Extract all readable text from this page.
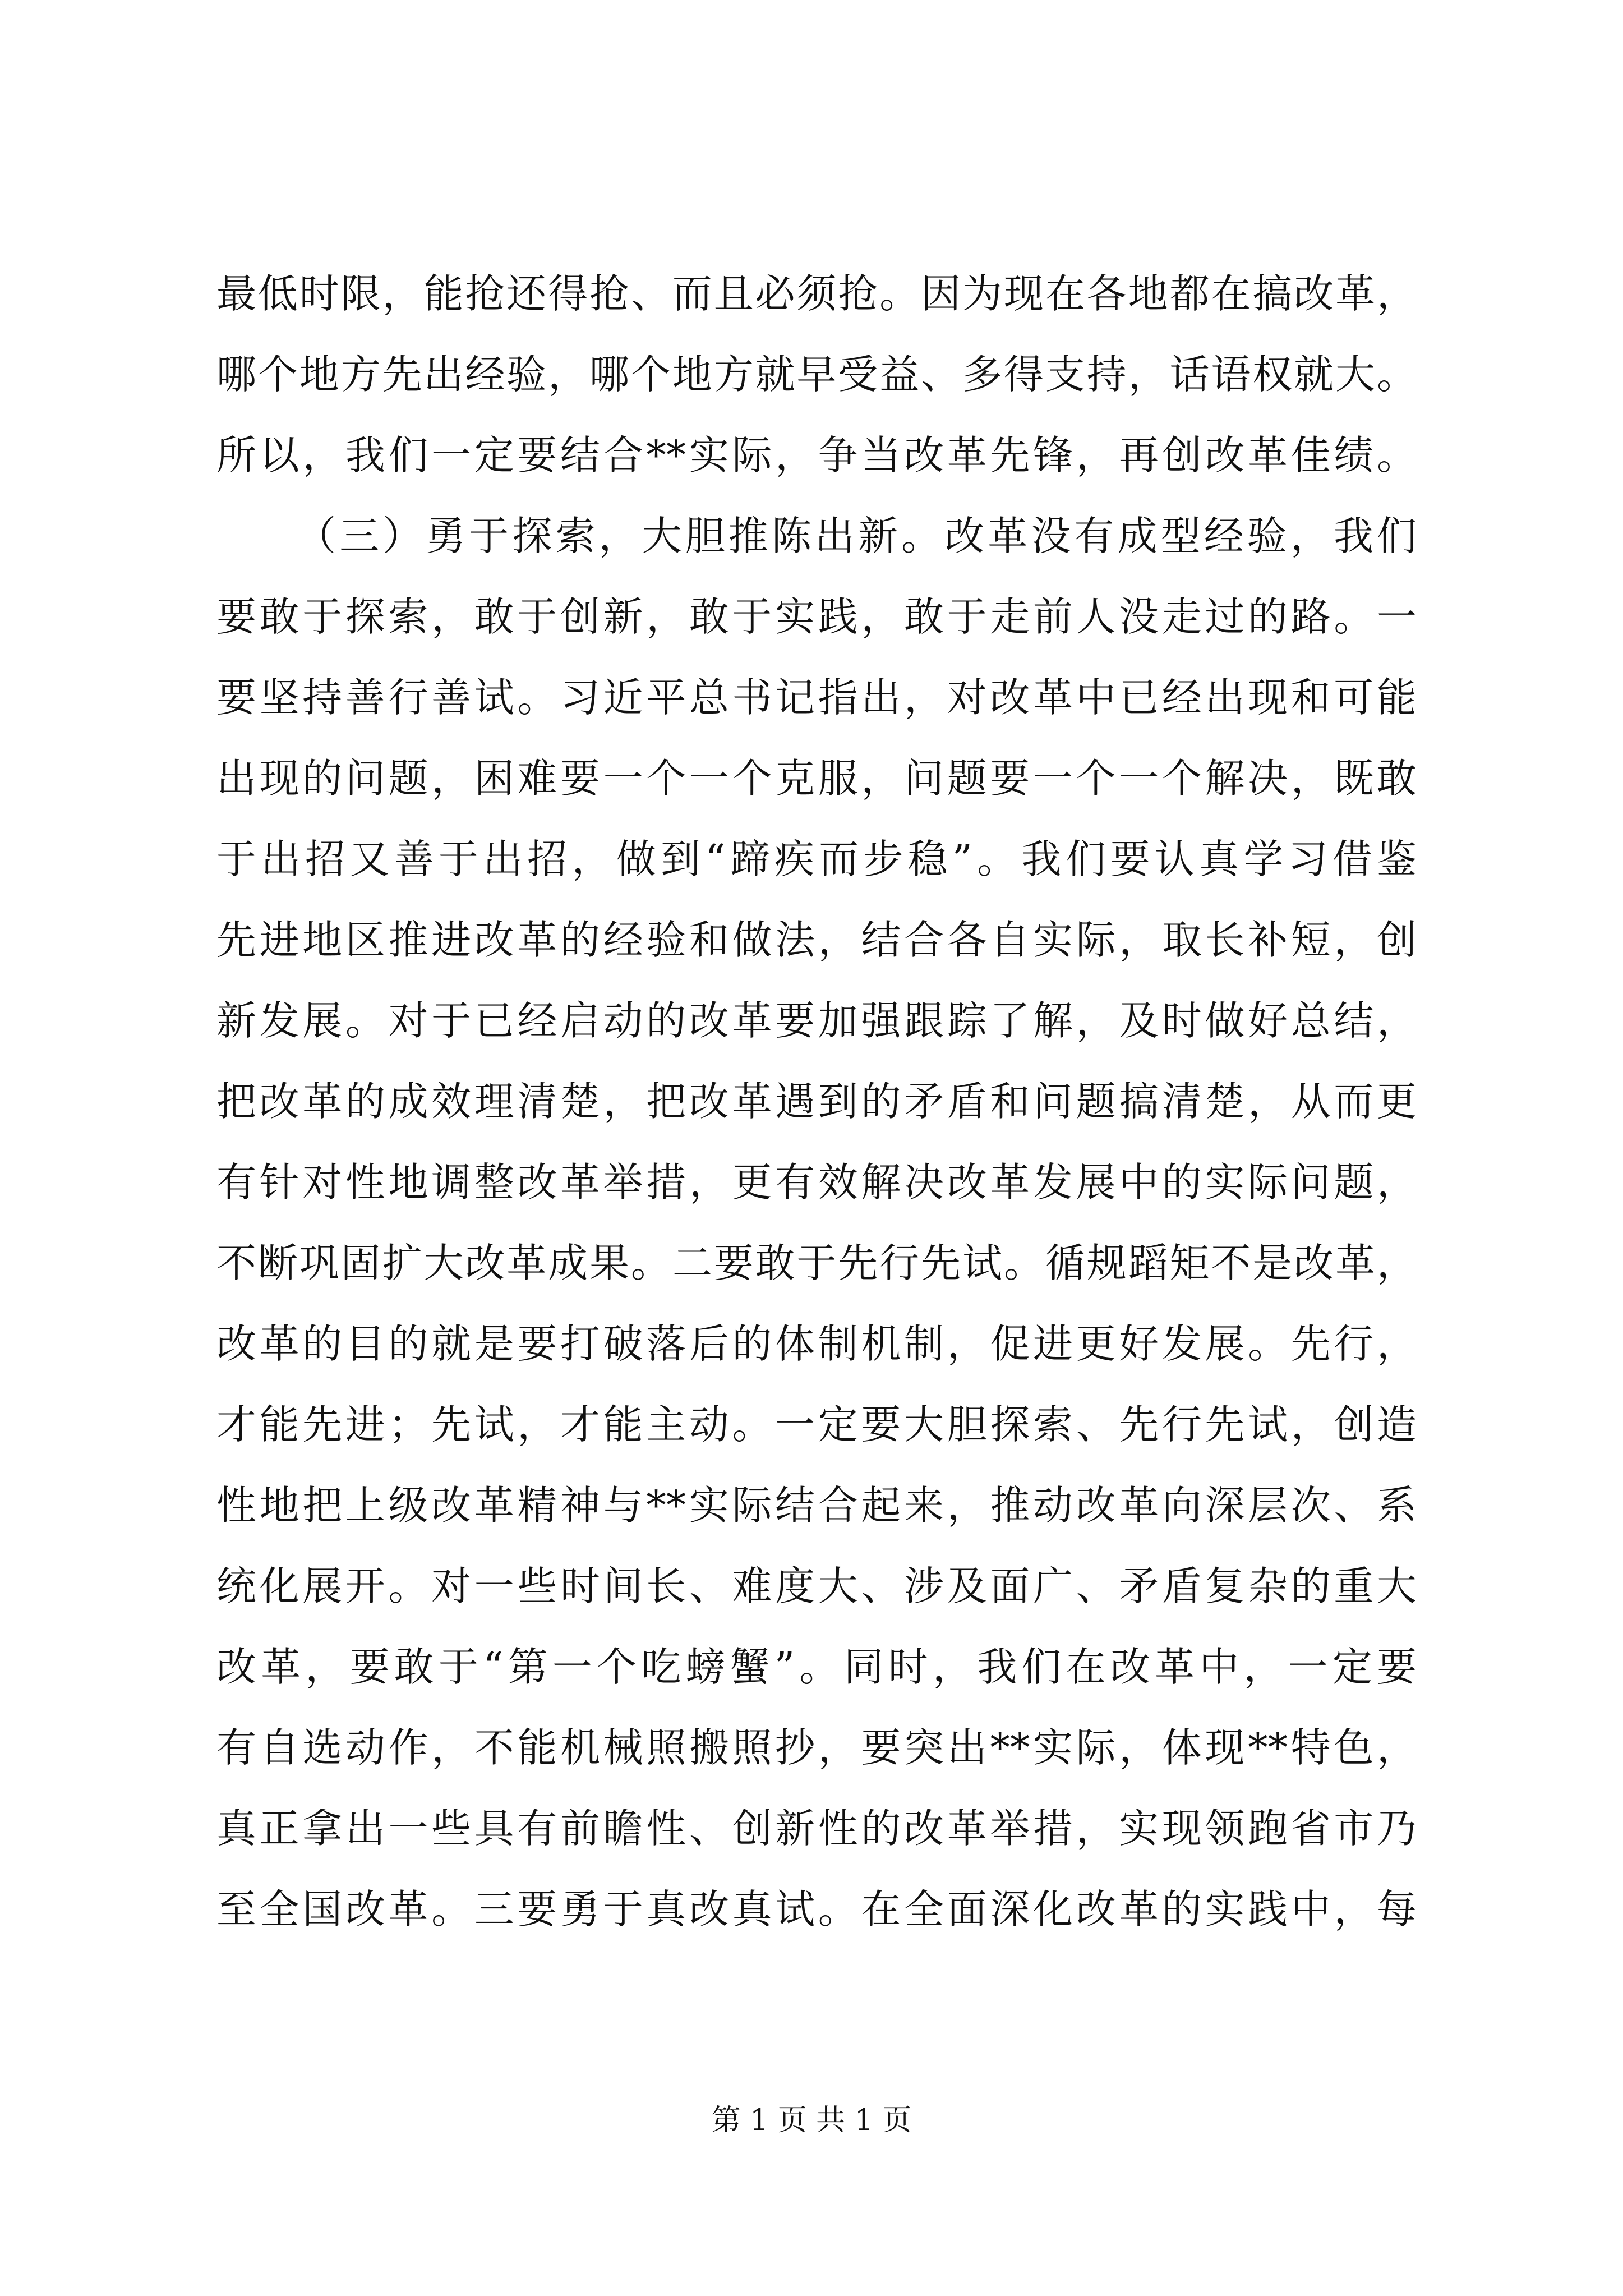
最低时限，能抢还得抢、而且必须抢。因为现在各地都在搞改革，
哪个地方先出经验，哪个地方就早受益、多得支持，话语权就大。
所以，我们一定要结合**实际，争当改革先锋，再创改革佳绩。
（三）勇于探索，大胆推陈出新。改革没有成型经验，我们
要敢于探索，敢于创新，敢于实践，敢于走前人没走过的路。一
要坚持善行善试。习近平总书记指出，对改革中已经出现和可能
出现的问题，困难要一个一个克服，问题要一个一个解决，既敢
于出招又善于出招，做到“蹄疾而步稳”。我们要认真学习借鉴
先进地区推进改革的经验和做法，结合各自实际，取长补短，创
新发展。对于已经启动的改革要加强跟踪了解，及时做好总结，
把改革的成效理清楚，把改革遇到的矛盾和问题搞清楚，从而更
有针对性地调整改革举措，更有效解决改革发展中的实际问题，
不断巩固扩大改革成果。二要敢于先行先试。循规蹈矩不是改革，
改革的目的就是要打破落后的体制机制，促进更好发展。先行，
才能先进；先试，才能主动。一定要大胆探索、先行先试，创造
性地把上级改革精神与**实际结合起来，推动改革向深层次、系
统化展开。对一些时间长、难度大、涉及面广、矛盾复杂的重大
改革，要敢于“第一个吃螃蟹”。同时，我们在改革中，一定要
有自选动作，不能机械照搬照抄，要突出**实际，体现**特色，
真正拿出一些具有前瞻性、创新性的改革举措，实现领跑省市乃
至全国改革。三要勇于真改真试。在全面深化改革的实践中，每
第 1 页 共 1 页
